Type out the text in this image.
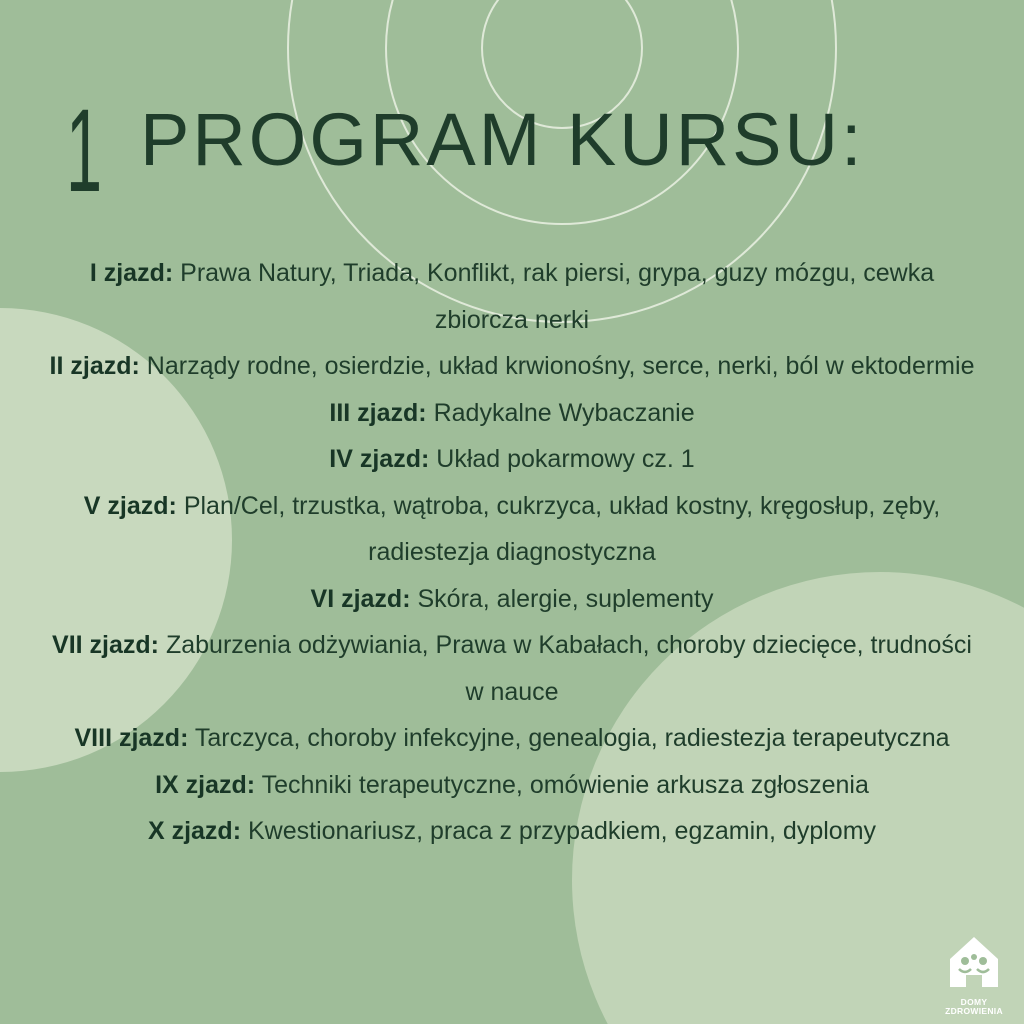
1 PROGRAM KURSU:

I zjazd: Prawa Natury, Triada, Konflikt, rak piersi, grypa, guzy mózgu, cewka zbiorcza nerki

II zjazd: Narządy rodne, osierdzie, układ krwionośny, serce, nerki, ból w ektodermie

III zjazd: Radykalne Wybaczanie

IV zjazd: Układ pokarmowy cz. 1

V zjazd: Plan/Cel, trzustka, wątroba, cukrzyca, układ kostny, kręgosłup, zęby, radiestezja diagnostyczna

VI zjazd: Skóra, alergie, suplementy

VII zjazd: Zaburzenia odżywiania, Prawa w Kabałach, choroby dziecięce, trudności w nauce

VIII zjazd: Tarczyca, choroby infekcyjne, genealogia, radiestezja terapeutyczna

IX zjazd: Techniki terapeutyczne, omówienie arkusza zgłoszenia

X zjazd: Kwestionariusz, praca z przypadkiem, egzamin, dyplomy

DOMY
ZDROWIENIA
